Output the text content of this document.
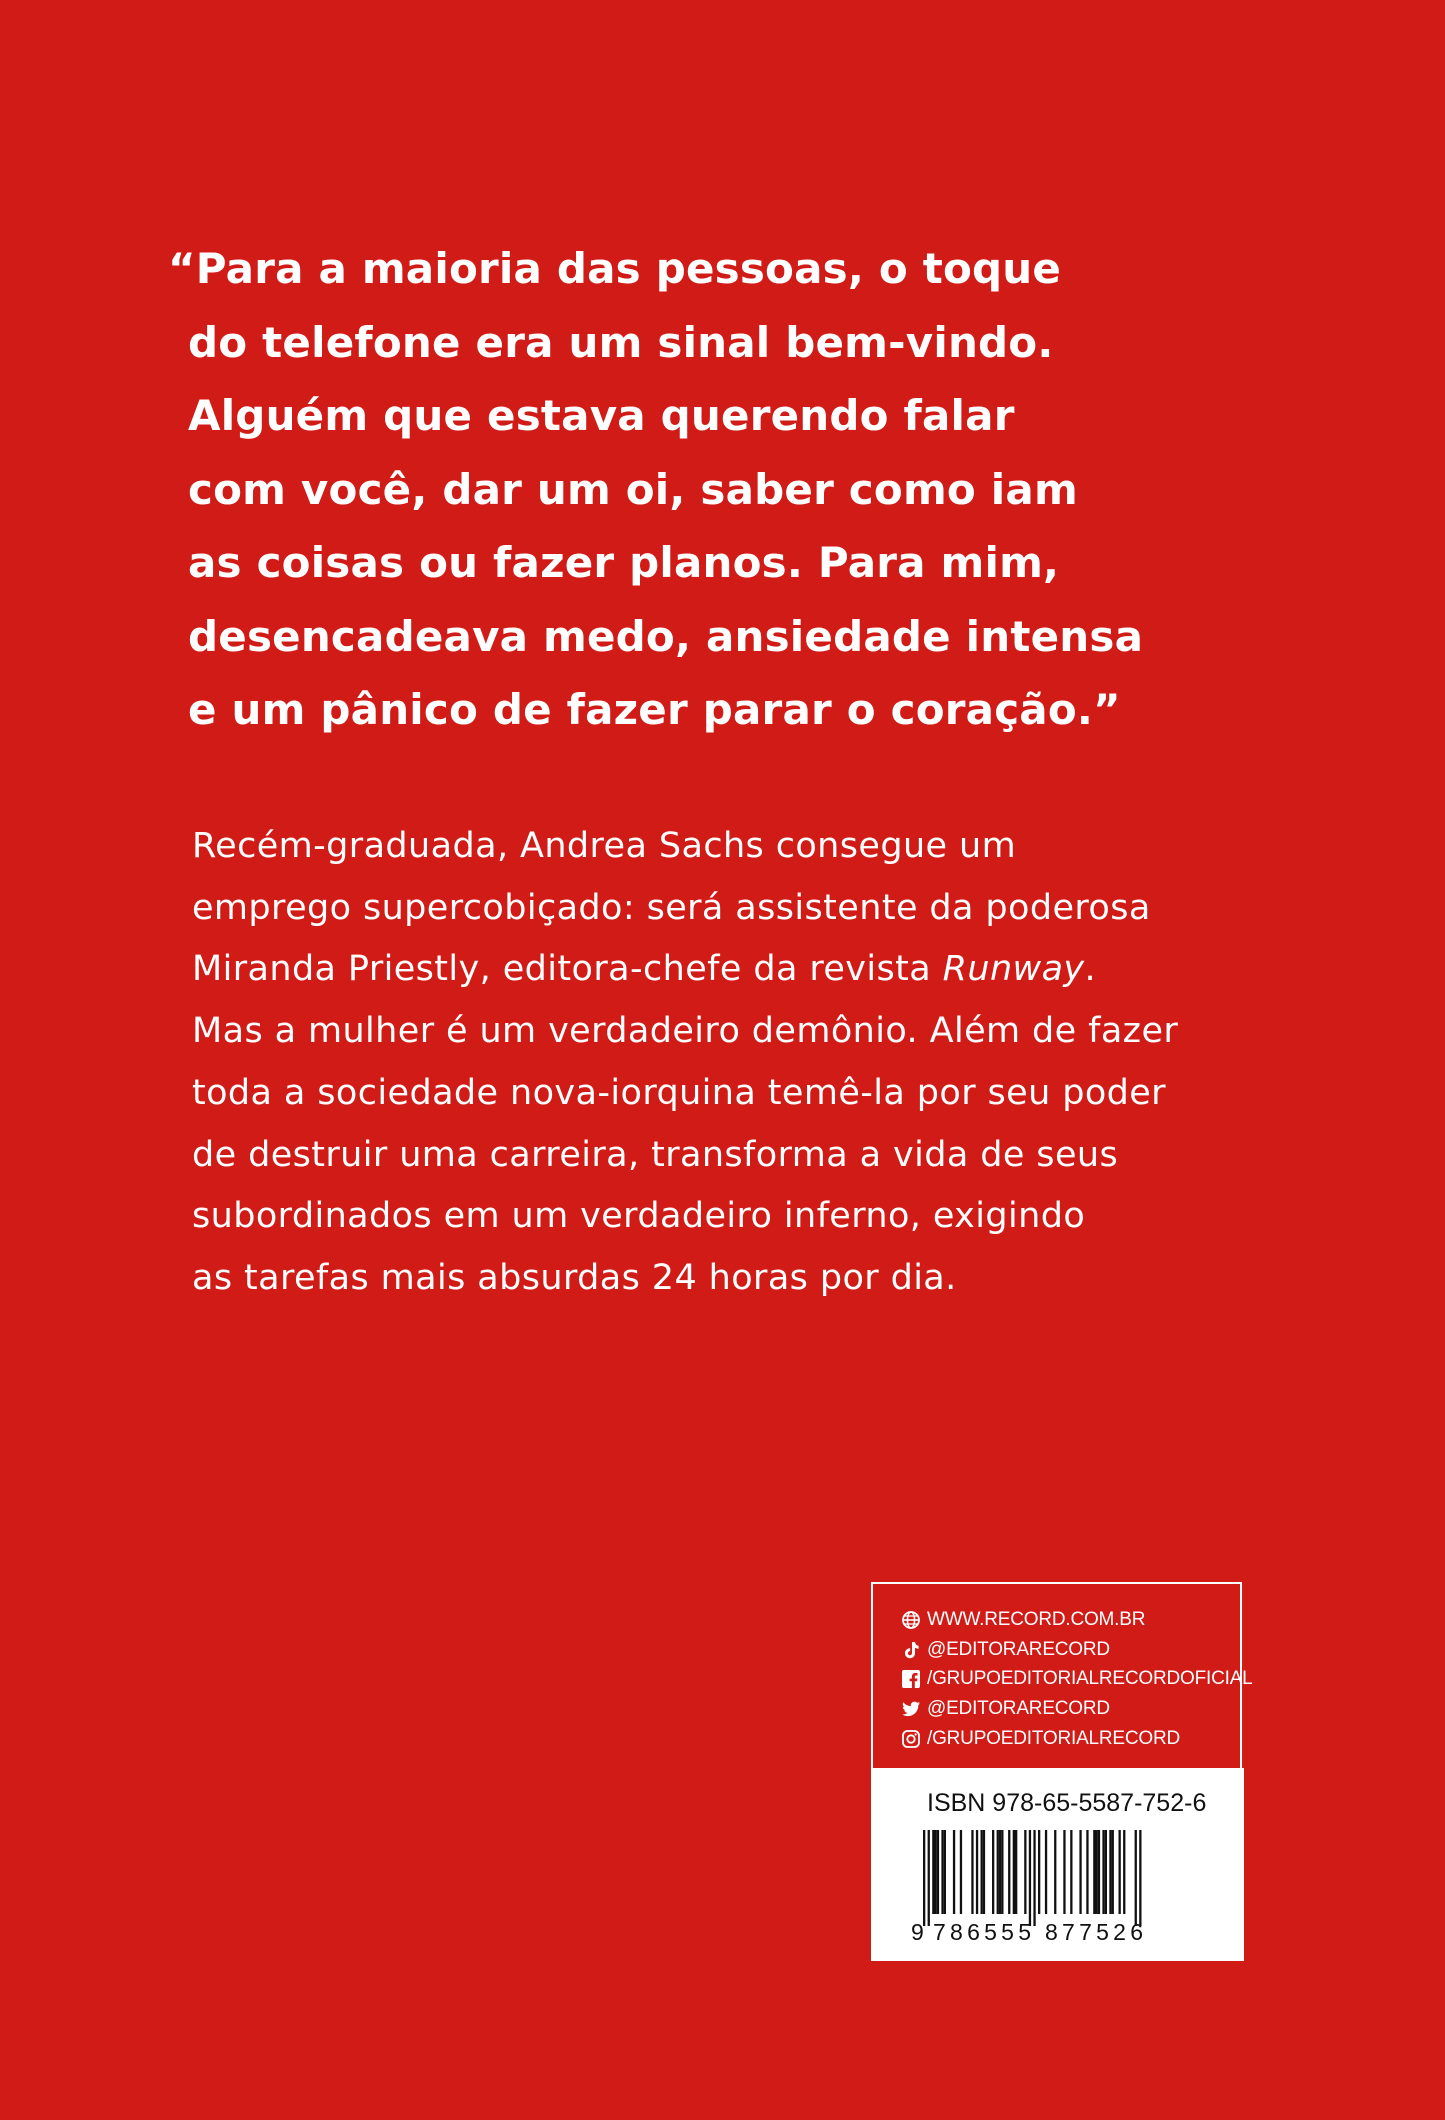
“Para a maioria das pessoas, o toque
do telefone era um sinal bem-vindo.
Alguém que estava querendo falar
com você, dar um oi, saber como iam
as coisas ou fazer planos. Para mim,
desencadeava medo, ansiedade intensa
e um pânico de fazer parar o coração.”
Recém-graduada, Andrea Sachs consegue um
emprego supercobiçado: será assistente da poderosa
Miranda Priestly, editora-chefe da revista Runway.
Mas a mulher é um verdadeiro demônio. Além de fazer
toda a sociedade nova-iorquina temê-la por seu poder
de destruir uma carreira, transforma a vida de seus
subordinados em um verdadeiro inferno, exigindo
as tarefas mais absurdas 24 horas por dia.
WWW.RECORD.COM.BR
@EDITORARECORD
/GRUPOEDITORIALRECORDOFICIAL
@EDITORARECORD
/GRUPOEDITORIALRECORD
ISBN 978-65-5587-752-6
9 786555 877526
